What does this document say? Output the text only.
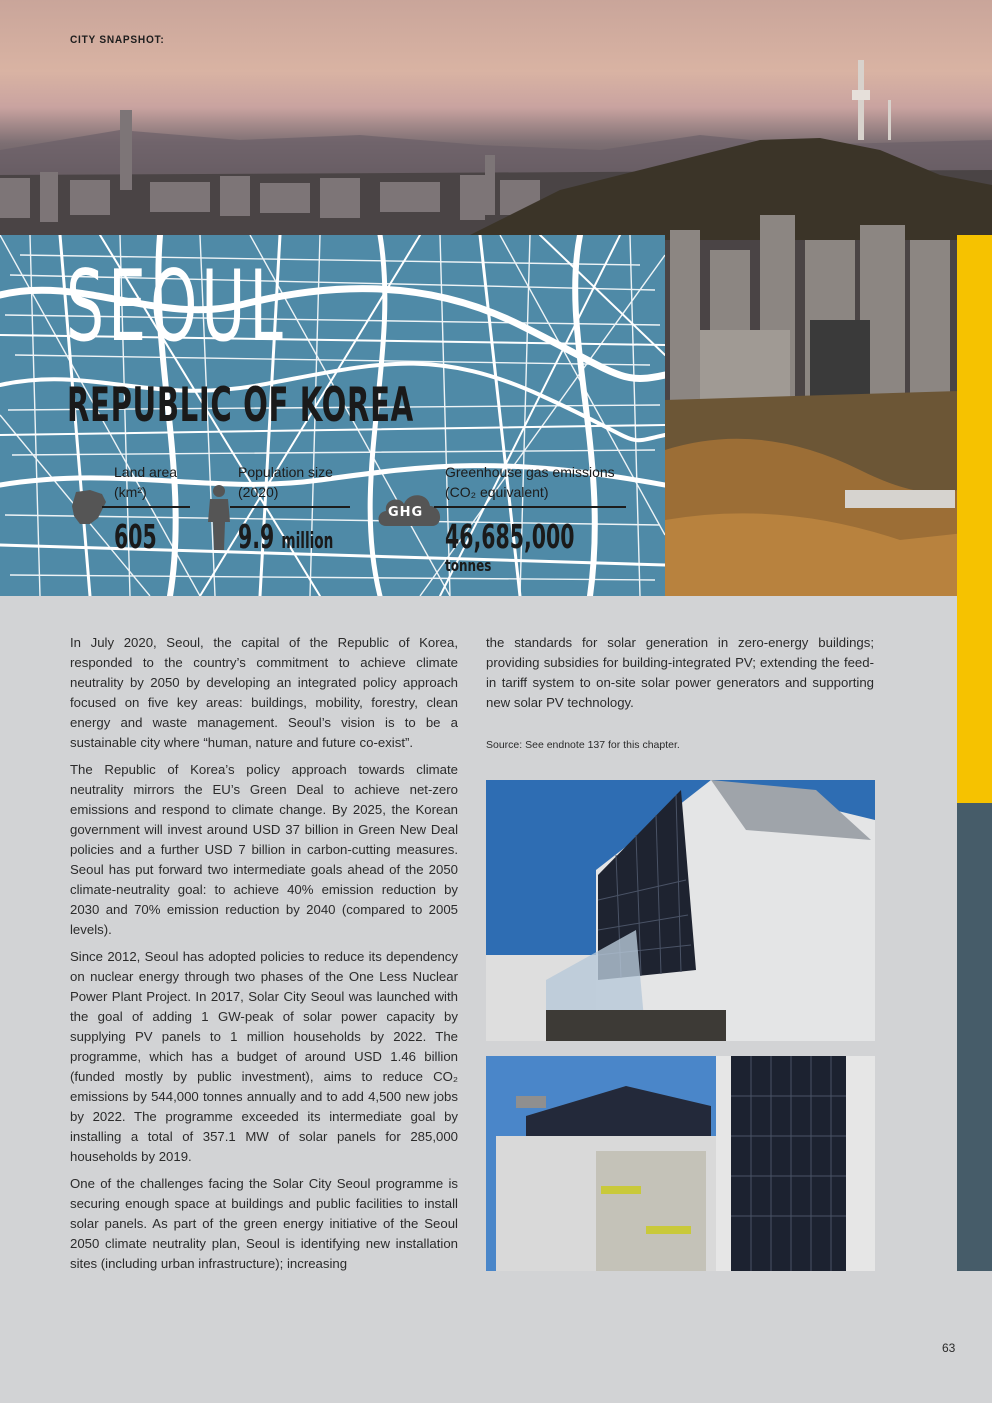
CITY SNAPSHOT:
SEOUL
REPUBLIC OF KOREA
Land area
(km²)
605
Population size
(2020)
9.9 million
GHG
Greenhouse gas emissions
(CO₂ equivalent)
46,685,000
tonnes

In July 2020, Seoul, the capital of the Republic of Korea, responded to the country’s commitment to achieve climate neutrality by 2050 by developing an integrated policy approach focused on five key areas: buildings, mobility, forestry, clean energy and waste management. Seoul’s vision is to be a sustainable city where “human, nature and future co-exist”.

The Republic of Korea’s policy approach towards climate neutrality mirrors the EU’s Green Deal to achieve net-zero emissions and respond to climate change. By 2025, the Korean government will invest around USD 37 billion in Green New Deal policies and a further USD 7 billion in carbon-cutting measures. Seoul has put forward two intermediate goals ahead of the 2050 climate-neutrality goal: to achieve 40% emission reduction by 2030 and 70% emission reduction by 2040 (compared to 2005 levels).

Since 2012, Seoul has adopted policies to reduce its dependency on nuclear energy through two phases of the One Less Nuclear Power Plant Project. In 2017, Solar City Seoul was launched with the goal of adding 1 GW-peak of solar power capacity by supplying PV panels to 1 million households by 2022. The programme, which has a budget of around USD 1.46 billion (funded mostly by public investment), aims to reduce CO₂ emissions by 544,000 tonnes annually and to add 4,500 new jobs by 2022. The programme exceeded its intermediate goal by installing a total of 357.1 MW of solar panels for 285,000 households by 2019.

One of the challenges facing the Solar City Seoul programme is securing enough space at buildings and public facilities to install solar panels. As part of the green energy initiative of the Seoul 2050 climate neutrality plan, Seoul is identifying new installation sites (including urban infrastructure); increasing

the standards for solar generation in zero-energy buildings; providing subsidies for building-integrated PV; extending the feed-in tariff system to on-site solar power generators and supporting new solar PV technology.

Source: See endnote 137 for this chapter.
63
